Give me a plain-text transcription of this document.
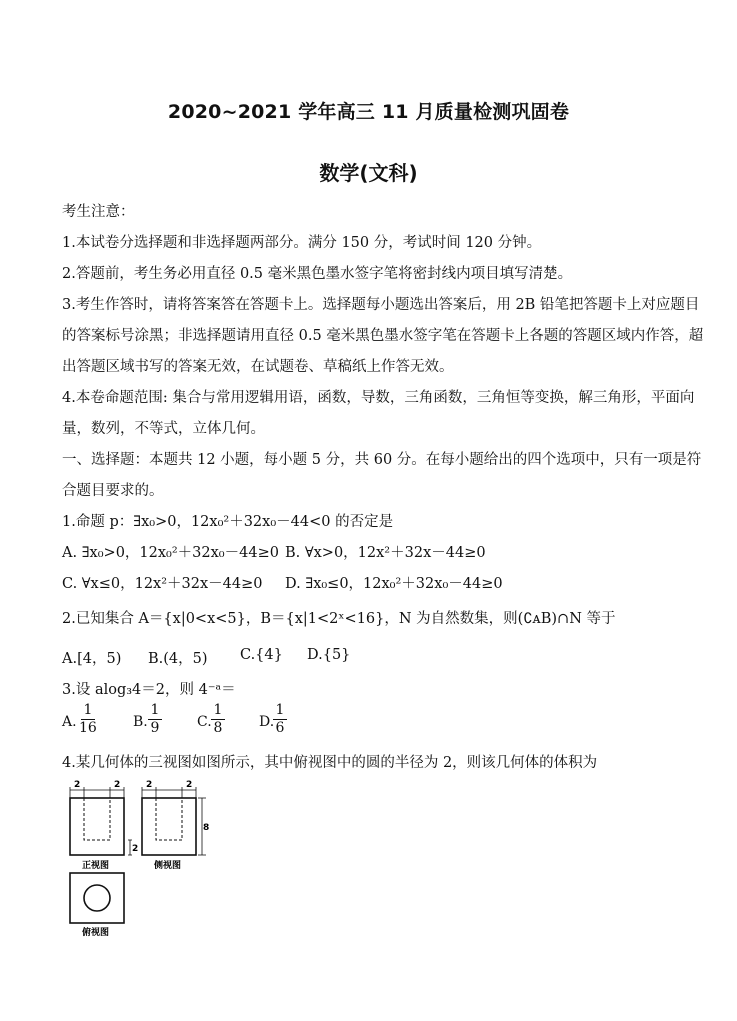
2020~2021 学年高三 11 月质量检测巩固卷
数学(文科)
考生注意：
1.本试卷分选择题和非选择题两部分。满分 150 分，考试时间 120 分钟。
2.答题前，考生务必用直径 0.5 毫米黑色墨水签字笔将密封线内项目填写清楚。
3.考生作答时，请将答案答在答题卡上。选择题每小题选出答案后，用 2B 铅笔把答题卡上对应题目
的答案标号涂黑；非选择题请用直径 0.5 毫米黑色墨水签字笔在答题卡上各题的答题区域内作答，超
出答题区域书写的答案无效，在试题卷、草稿纸上作答无效。
4.本卷命题范围: 集合与常用逻辑用语，函数，导数，三角函数，三角恒等变换，解三角形，平面向
量，数列，不等式，立体几何。
一、选择题：本题共 12 小题，每小题 5 分，共 60 分。在每小题给出的四个选项中，只有一项是符
合题目要求的。
1.命题 p：∃x₀>0，12x₀²＋32x₀－44<0 的否定是
A. ∃x₀>0，12x₀²＋32x₀－44≥0 B. ∀x>0，12x²＋32x－44≥0
C. ∀x≤0，12x²＋32x－44≥0 D. ∃x₀≤0，12x₀²＋32x₀－44≥0
2.已知集合 A＝{x|0<x<5}，B＝{x|1<2ˣ<16}，N 为自然数集，则(∁ᴀB)∩N 等于
A.[4，5) B.(4，5) C.{4} D.{5}
3.设 alog₃4＝2，则 4⁻ᵃ＝
A.
1
16	B.
1
9	C.
1
8	D.
1
6
4.某几何体的三视图如图所示，其中俯视图中的圆的半径为 2，则该几何体的体积为
2	2
2
正视图
2	2
8
侧视图
俯视图
